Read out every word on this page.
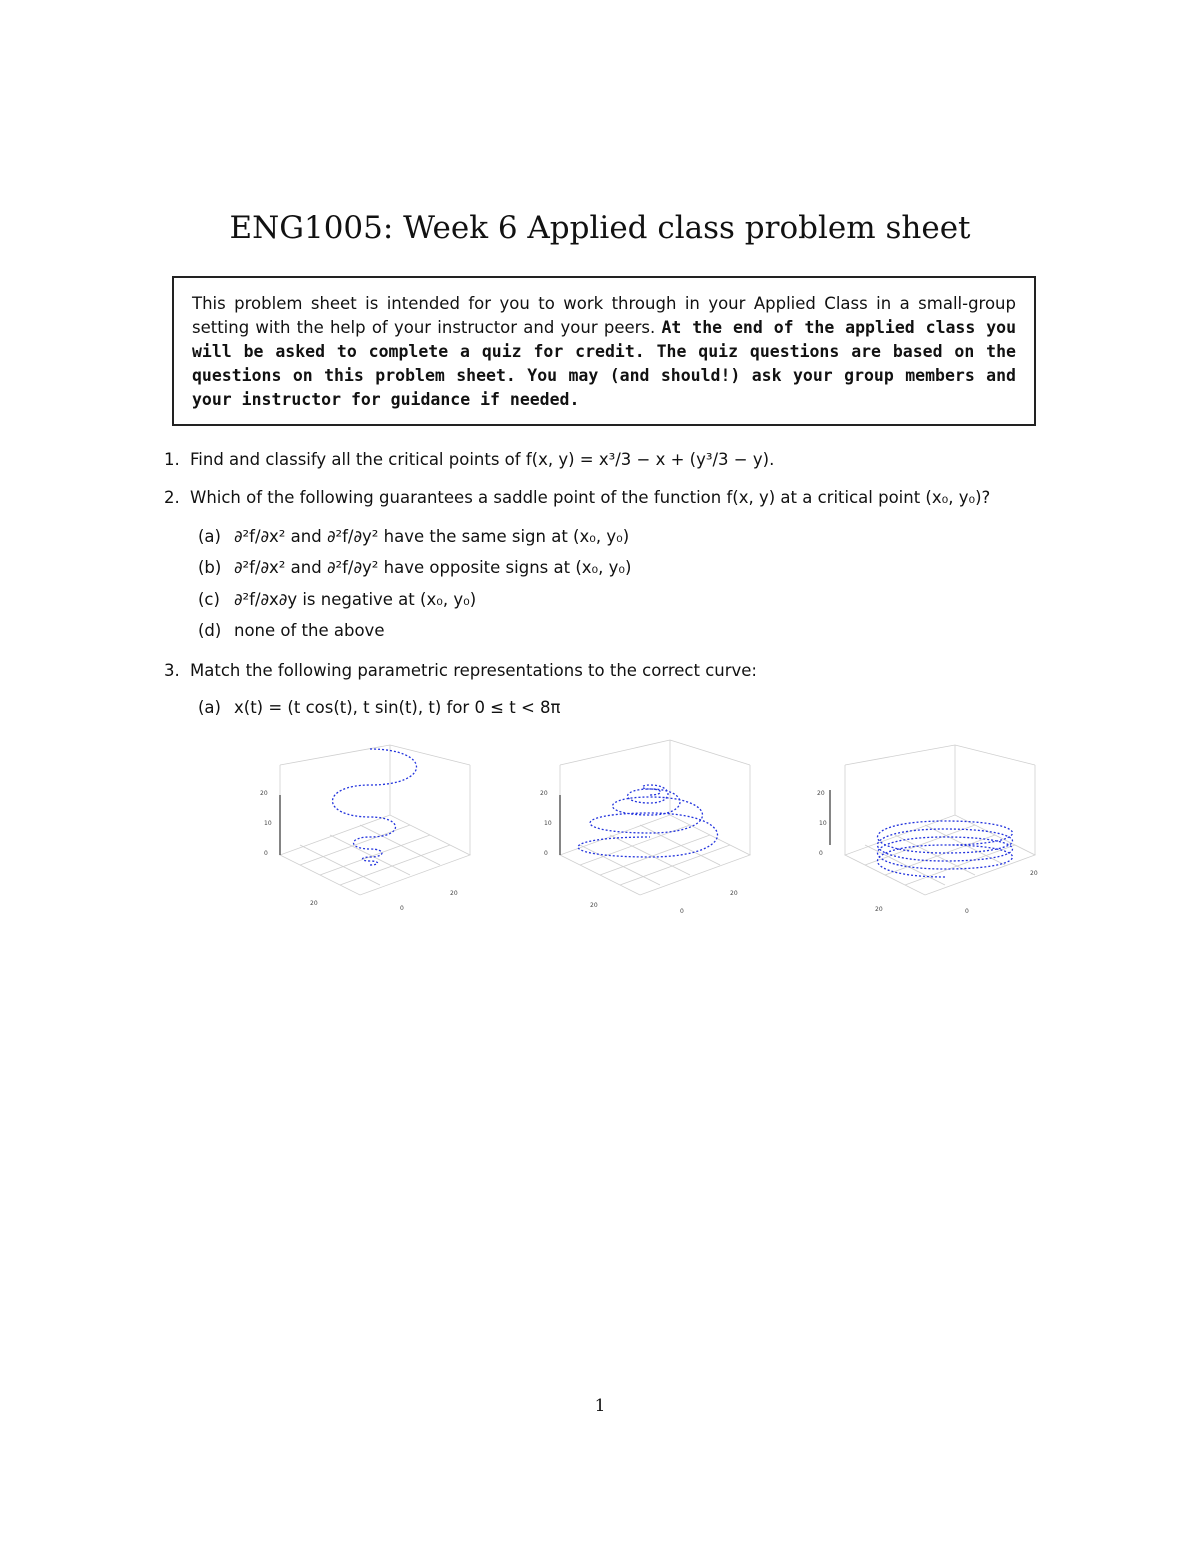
ENG1005: Week 6 Applied class problem sheet
This problem sheet is intended for you to work through in your Applied Class in a small-group setting with the help of your instructor and your peers. At the end of the applied class you will be asked to complete a quiz for credit. The quiz questions are based on the questions on this problem sheet. You may (and should!) ask your group members and your instructor for guidance if needed.
1. Find and classify all the critical points of f(x, y) = x³/3 − x + (y³/3 − y).
2. Which of the following guarantees a saddle point of the function f(x, y) at a critical point (x₀, y₀)?
(a) ∂²f/∂x² and ∂²f/∂y² have the same sign at (x₀, y₀)
(b) ∂²f/∂x² and ∂²f/∂y² have opposite signs at (x₀, y₀)
(c) ∂²f/∂x∂y is negative at (x₀, y₀)
(d) none of the above
3. Match the following parametric representations to the correct curve:
(a) x(t) = (t cos(t), t sin(t), t) for 0 ≤ t < 8π
20
10
0
20
0
20
20
10
0
20
0
20
20
10
0
20	0
20
1
